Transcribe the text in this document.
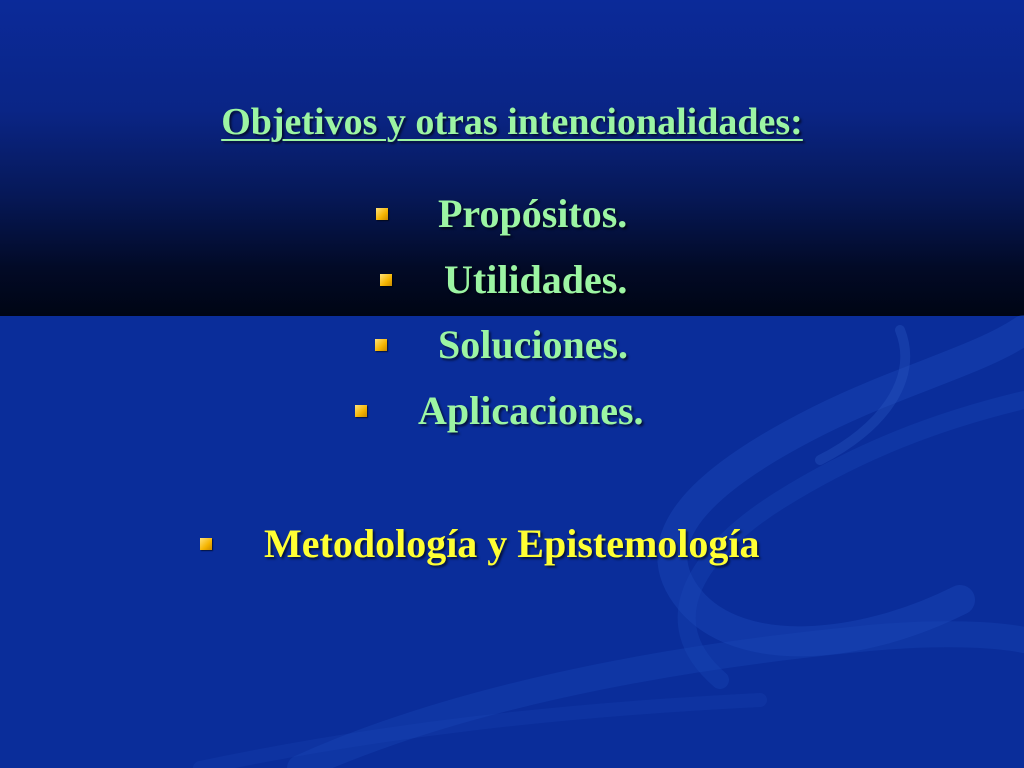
Objetivos y otras intencionalidades:
Propósitos.
Utilidades.
Soluciones.
Aplicaciones.
Metodología y Epistemología
